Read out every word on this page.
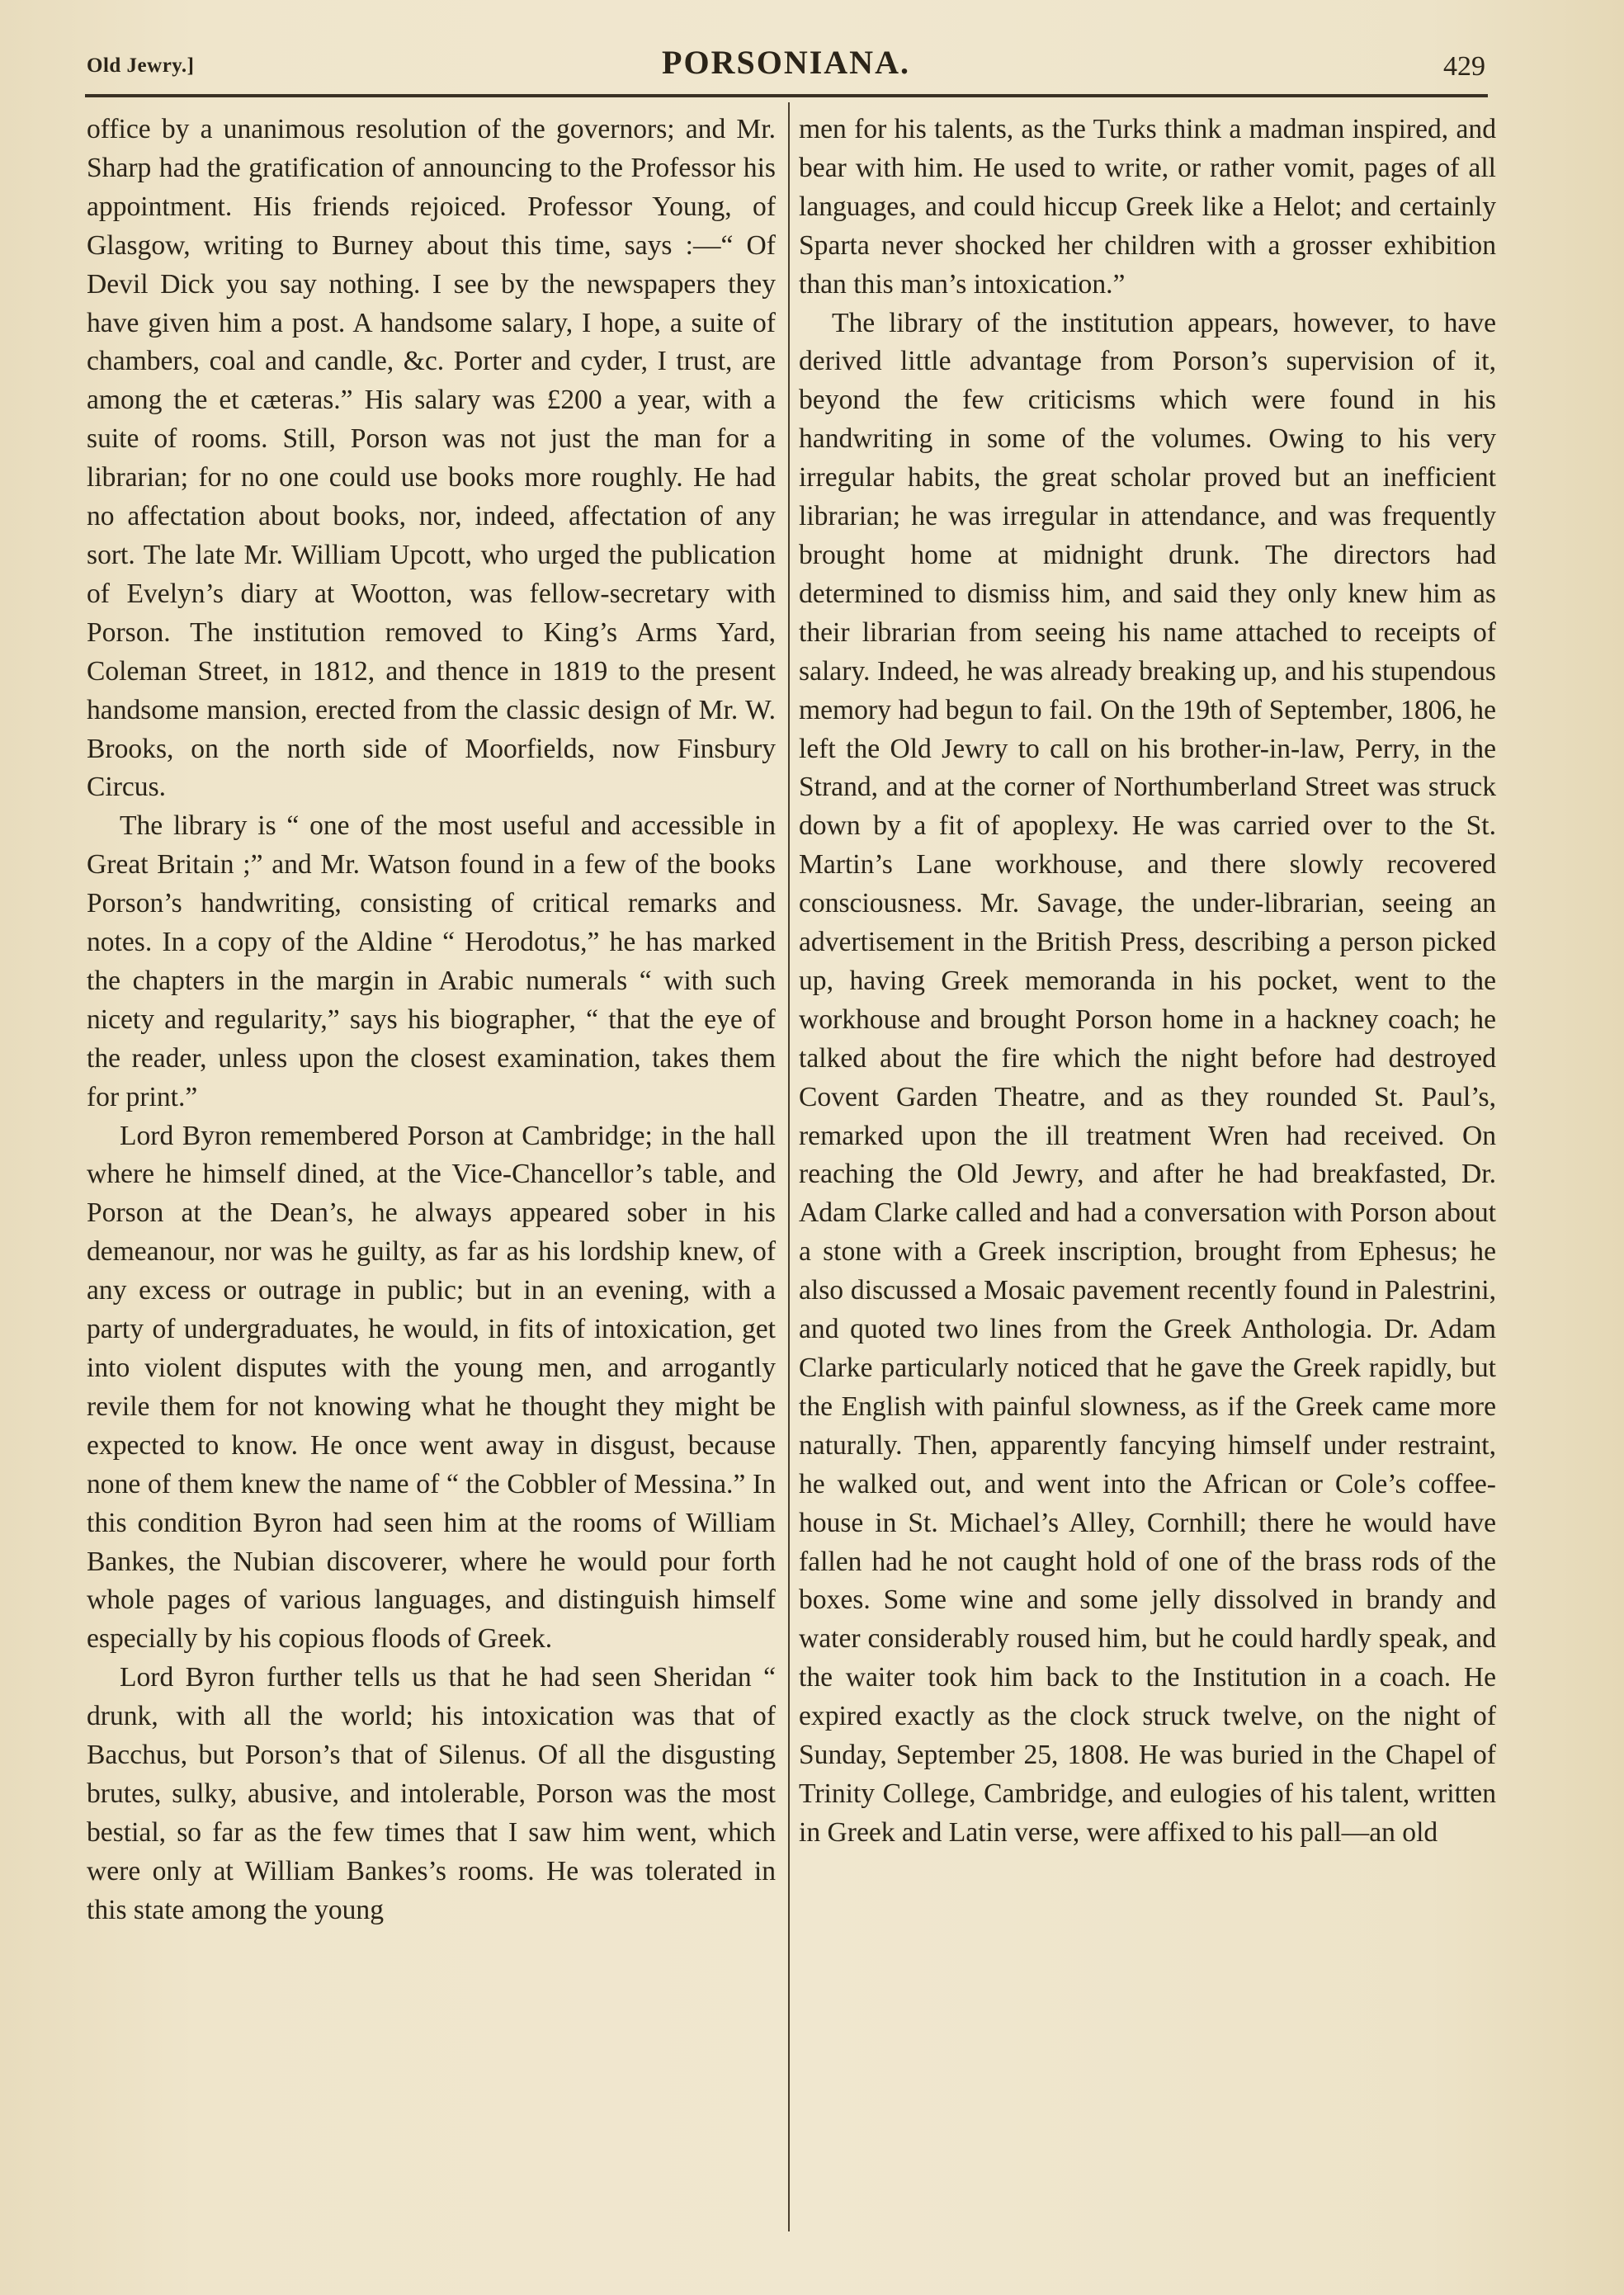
Old Jewry.]	PORSONIANA.	429

office by a unanimous resolution of the governors; and Mr. Sharp had the gratification of announcing to the Professor his appointment. His friends rejoiced. Professor Young, of Glasgow, writing to Burney about this time, says :—“ Of Devil Dick you say nothing. I see by the newspapers they have given him a post. A handsome salary, I hope, a suite of chambers, coal and candle, &c. Porter and cyder, I trust, are among the et cæteras.” His salary was £200 a year, with a suite of rooms. Still, Porson was not just the man for a librarian; for no one could use books more roughly. He had no affectation about books, nor, indeed, affectation of any sort. The late Mr. William Upcott, who urged the publication of Evelyn’s diary at Wootton, was fellow-secretary with Porson. The institution removed to King’s Arms Yard, Coleman Street, in 1812, and thence in 1819 to the present handsome mansion, erected from the classic design of Mr. W. Brooks, on the north side of Moorfields, now Finsbury Circus.

The library is “ one of the most useful and accessible in Great Britain ;” and Mr. Watson found in a few of the books Porson’s handwriting, consisting of critical remarks and notes. In a copy of the Aldine “ Herodotus,” he has marked the chapters in the margin in Arabic numerals “ with such nicety and regularity,” says his biographer, “ that the eye of the reader, unless upon the closest examination, takes them for print.”

Lord Byron remembered Porson at Cambridge; in the hall where he himself dined, at the Vice-Chancellor’s table, and Porson at the Dean’s, he always appeared sober in his demeanour, nor was he guilty, as far as his lordship knew, of any excess or outrage in public; but in an evening, with a party of undergraduates, he would, in fits of intoxication, get into violent disputes with the young men, and arrogantly revile them for not knowing what he thought they might be expected to know. He once went away in disgust, because none of them knew the name of “ the Cobbler of Messina.” In this condition Byron had seen him at the rooms of William Bankes, the Nubian discoverer, where he would pour forth whole pages of various languages, and distinguish himself especially by his copious floods of Greek.

Lord Byron further tells us that he had seen Sheridan “ drunk, with all the world; his intoxication was that of Bacchus, but Porson’s that of Silenus. Of all the disgusting brutes, sulky, abusive, and intolerable, Porson was the most bestial, so far as the few times that I saw him went, which were only at William Bankes’s rooms. He was tolerated in this state among the young

men for his talents, as the Turks think a madman inspired, and bear with him. He used to write, or rather vomit, pages of all languages, and could hiccup Greek like a Helot; and certainly Sparta never shocked her children with a grosser exhibition than this man’s intoxication.”

The library of the institution appears, however, to have derived little advantage from Porson’s supervision of it, beyond the few criticisms which were found in his handwriting in some of the volumes. Owing to his very irregular habits, the great scholar proved but an inefficient librarian; he was irregular in attendance, and was frequently brought home at midnight drunk. The directors had determined to dismiss him, and said they only knew him as their librarian from seeing his name attached to receipts of salary. Indeed, he was already breaking up, and his stupendous memory had begun to fail. On the 19th of September, 1806, he left the Old Jewry to call on his brother-in-law, Perry, in the Strand, and at the corner of Northumberland Street was struck down by a fit of apoplexy. He was carried over to the St. Martin’s Lane workhouse, and there slowly recovered consciousness. Mr. Savage, the under-librarian, seeing an advertisement in the British Press, describing a person picked up, having Greek memoranda in his pocket, went to the workhouse and brought Porson home in a hackney coach; he talked about the fire which the night before had destroyed Covent Garden Theatre, and as they rounded St. Paul’s, remarked upon the ill treatment Wren had received. On reaching the Old Jewry, and after he had breakfasted, Dr. Adam Clarke called and had a conversation with Porson about a stone with a Greek inscription, brought from Ephesus; he also discussed a Mosaic pavement recently found in Palestrini, and quoted two lines from the Greek Anthologia. Dr. Adam Clarke particularly noticed that he gave the Greek rapidly, but the English with painful slowness, as if the Greek came more naturally. Then, apparently fancying himself under restraint, he walked out, and went into the African or Cole’s coffee-house in St. Michael’s Alley, Cornhill; there he would have fallen had he not caught hold of one of the brass rods of the boxes. Some wine and some jelly dissolved in brandy and water considerably roused him, but he could hardly speak, and the waiter took him back to the Institution in a coach. He expired exactly as the clock struck twelve, on the night of Sunday, September 25, 1808. He was buried in the Chapel of Trinity College, Cambridge, and eulogies of his talent, written in Greek and Latin verse, were affixed to his pall—an old
